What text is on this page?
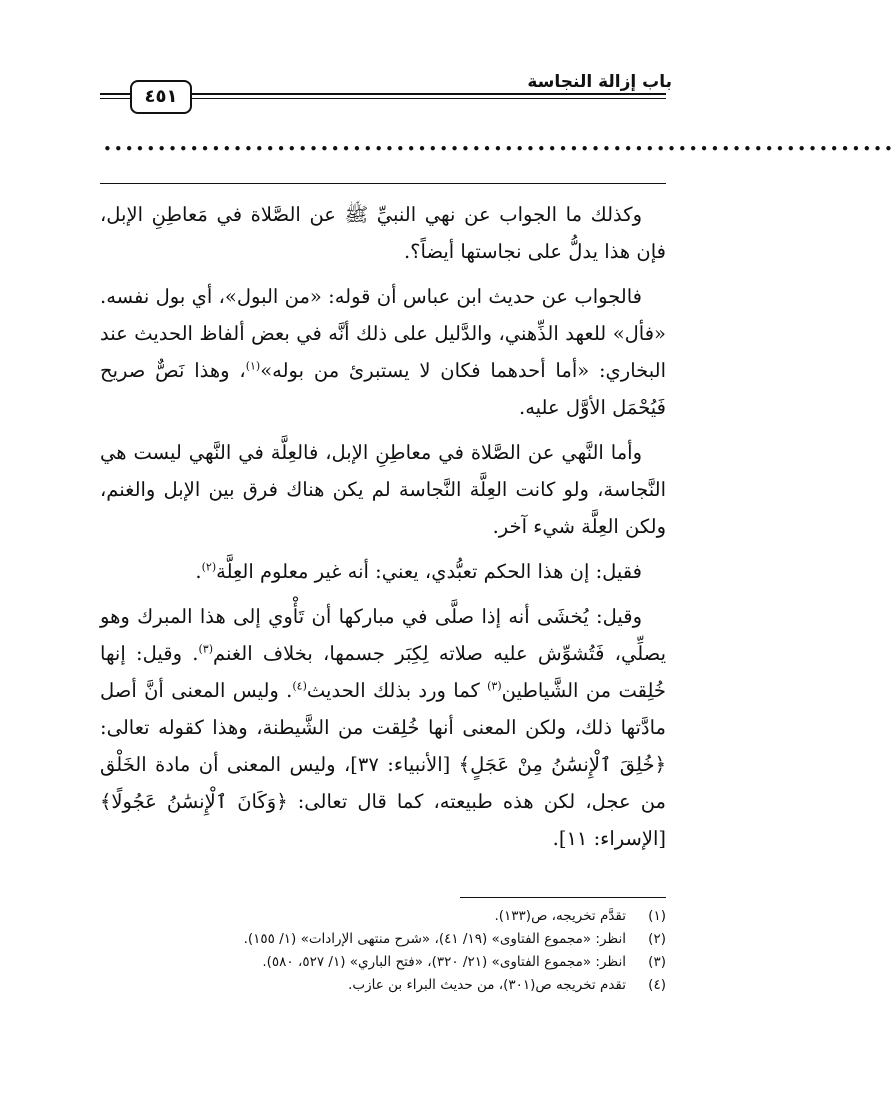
باب إزالة النجاسة
٤٥١
•••••••••••••••••••••••••••••••••••••••••••••••••••••••••••••••••••••••••

وكذلك ما الجواب عن نهي النبيِّ ﷺ عن الصَّلاة في مَعاطِنِ الإبل، فإن هذا يدلُّ على نجاستها أيضاً؟.

فالجواب عن حديث ابن عباس أن قوله: «من البول»، أي بول نفسه. «فأل» للعهد الذِّهني، والدَّليل على ذلك أنَّه في بعض ألفاظ الحديث عند البخاري: «أما أحدهما فكان لا يستبرئ من بوله»$^{(١)}$، وهذا نَصٌّ صريح فَيُحْمَل الأوَّل عليه.

وأما النَّهي عن الصَّلاة في معاطِنِ الإبل، فالعِلَّة في النَّهي ليست هي النَّجاسة، ولو كانت العِلَّة النَّجاسة لم يكن هناك فرق بين الإبل والغنم، ولكن العِلَّة شيء آخر.

فقيل: إن هذا الحكم تعبُّدي، يعني: أنه غير معلوم العِلَّة$^{(٢)}$.

وقيل: يُخشَى أنه إذا صلَّى في مباركها أن تَأْوي إلى هذا المبرك وهو يصلِّي، فَتُشوِّش عليه صلاته لِكِبَر جسمها، بخلاف الغنم$^{(٣)}$. وقيل: إنها خُلِقت من الشَّياطين$^{(٣)}$ كما ورد بذلك الحديث$^{(٤)}$. وليس المعنى أنَّ أصل مادَّتها ذلك، ولكن المعنى أنها خُلِقت من الشَّيطنة، وهذا كقوله تعالى: ﴿خُلِقَ ٱلْإِنسَٰنُ مِنْ عَجَلٍ﴾ [الأنبياء: ٣٧]، وليس المعنى أن مادة الخَلْق من عجل، لكن هذه طبيعته، كما قال تعالى: ﴿وَكَانَ ٱلْإِنسَٰنُ عَجُولًا﴾ [الإسراء: ١١].

(١)
تقدَّم تخريجه، ص(١٣٣).
(٢)
انظر: «مجموع الفتاوى» (١٩/ ٤١)، «شرح منتهى الإرادات» (١/ ١٥٥).
(٣)
انظر: «مجموع الفتاوى» (٢١/ ٣٢٠)، «فتح الباري» (١/ ٥٢٧، ٥٨٠).
(٤)
تقدم تخريجه ص(٣٠١)، من حديث البراء بن عازب.
